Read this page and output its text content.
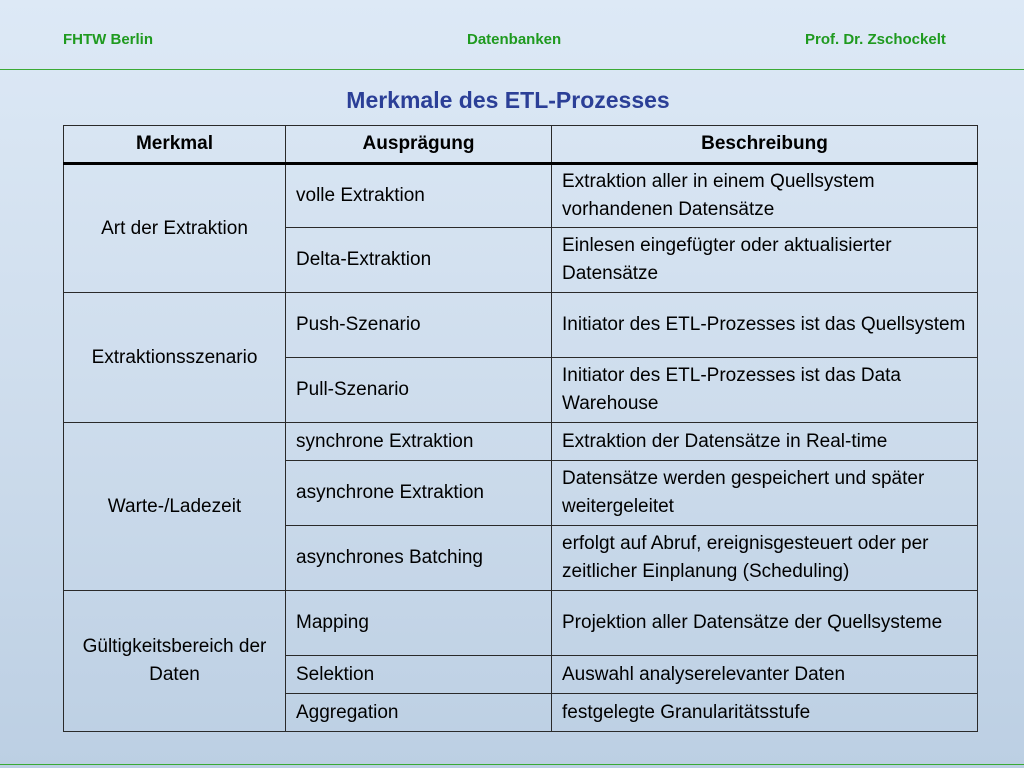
FHTW Berlin	Datenbanken	Prof. Dr. Zschockelt
Merkmale des ETL-Prozesses
Merkmal	Ausprägung	Beschreibung
Art der Extraktion	volle Extraktion	Extraktion aller in einem Quellsystem vorhandenen Datensätze
	Delta-Extraktion	Einlesen eingefügter oder aktualisierter Datensätze
Extraktionsszenario	Push-Szenario	Initiator des ETL-Prozesses ist das Quellsystem
	Pull-Szenario	Initiator des ETL-Prozesses ist das Data Warehouse
Warte-/Ladezeit	synchrone Extraktion	Extraktion der Datensätze in Real-time
	asynchrone Extraktion	Datensätze werden gespeichert und später weitergeleitet
	asynchrones Batching	erfolgt auf Abruf, ereignisgesteuert oder per zeitlicher Einplanung (Scheduling)
Gültigkeitsbereich der Daten	Mapping	Projektion aller Datensätze der Quellsysteme
	Selektion	Auswahl analyserelevanter Daten
	Aggregation	festgelegte Granularitätsstufe
